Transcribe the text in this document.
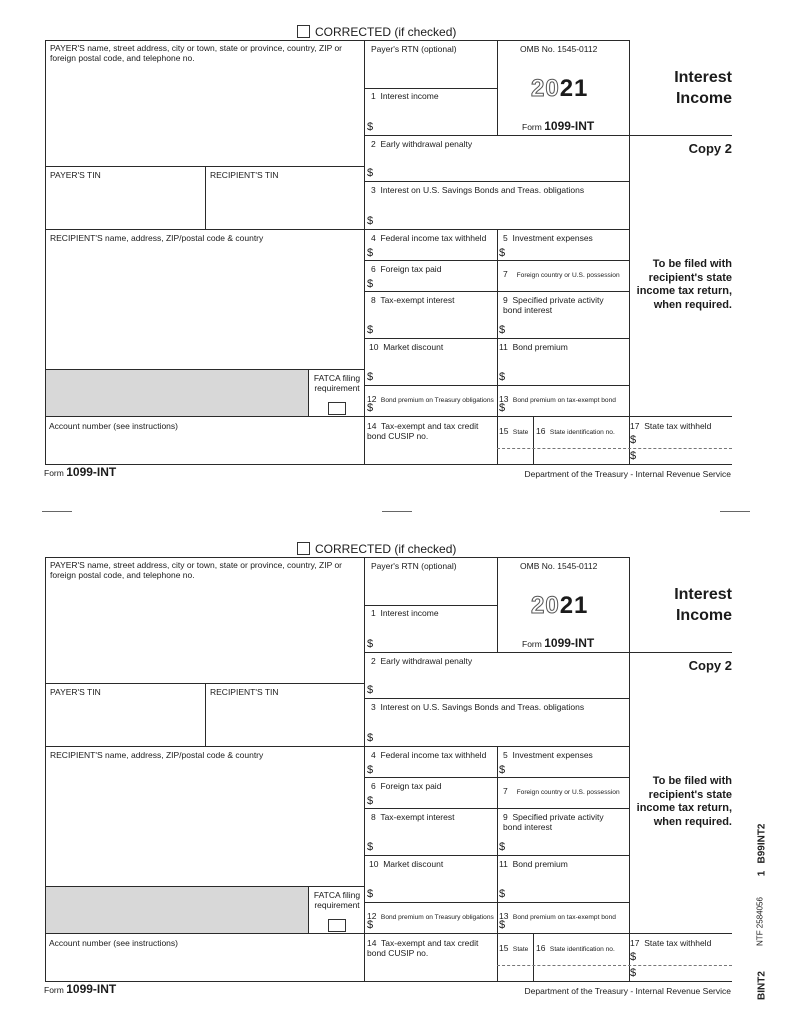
CORRECTED (if checked)
PAYER'S name, street address, city or town, state or province, country, ZIP or foreign postal code, and telephone no.
Payer's RTN (optional)	OMB No. 1545-0112
2021
Form 1099-INT
Interest
Income
Copy 2
To be filed with recipient's state income tax return, when required.
1 Interest income
$
2 Early withdrawal penalty
$
PAYER'S TIN	RECIPIENT'S TIN
3 Interest on U.S. Savings Bonds and Treas. obligations
$
RECIPIENT'S name, address, ZIP/postal code & country	4 Federal income tax withheld
$
5 Investment expenses
$
6 Foreign tax paid
$
7 Foreign country or U.S. possession
8 Tax-exempt interest
$
9 Specified private activity bond interest
$
10 Market discount
$
11 Bond premium
$
FATCA filing requirement
12 Bond premium on Treasury obligations
$
13 Bond premium on tax-exempt bond
$
Account number (see instructions)	14 Tax-exempt and tax credit bond CUSIP no.	15 State 16 State identification no.
17 State tax withheld
$
$
Form 1099-INT	Department of the Treasury - Internal Revenue Service
CORRECTED (if checked)
PAYER'S name, street address, city or town, state or province, country, ZIP or foreign postal code, and telephone no.
Payer's RTN (optional)	OMB No. 1545-0112
2021
Form 1099-INT
Interest
Income
Copy 2
To be filed with recipient's state income tax return, when required.
1 Interest income
$
2 Early withdrawal penalty
$
PAYER'S TIN	RECIPIENT'S TIN
3 Interest on U.S. Savings Bonds and Treas. obligations
$
RECIPIENT'S name, address, ZIP/postal code & country	4 Federal income tax withheld
$
5 Investment expenses
$
6 Foreign tax paid
$
7 Foreign country or U.S. possession
8 Tax-exempt interest
$
9 Specified private activity bond interest
$
10 Market discount
$
11 Bond premium
$
FATCA filing requirement
12 Bond premium on Treasury obligations
$
13 Bond premium on tax-exempt bond
$
Account number (see instructions)	14 Tax-exempt and tax credit bond CUSIP no.	15 State 16 State identification no.
17 State tax withheld
$
$
Form 1099-INT	Department of the Treasury - Internal Revenue Service	BINT2
NTF 2584056
1
B99INT2
